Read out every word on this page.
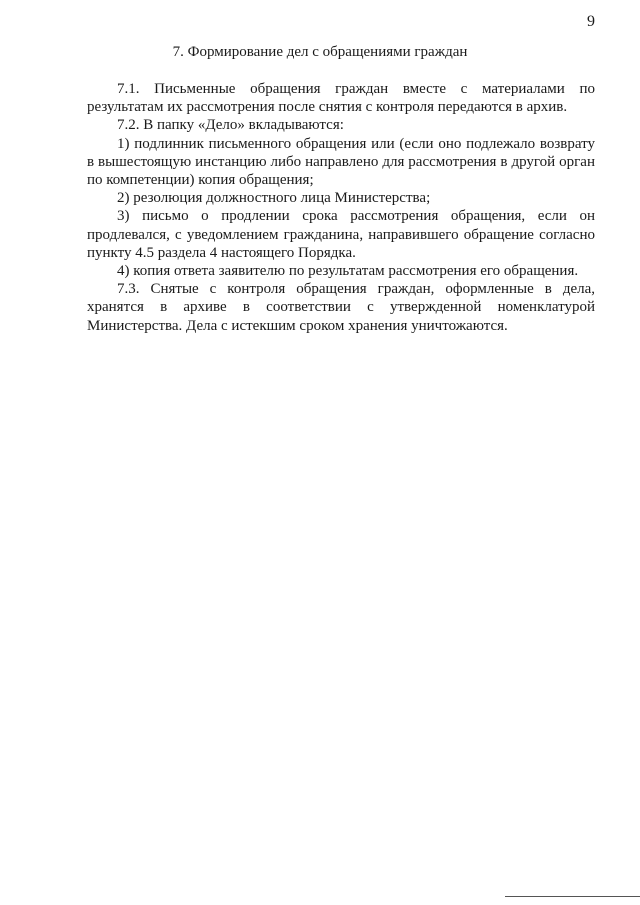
9
7. Формирование дел с обращениями граждан

7.1. Письменные обращения граждан вместе с материалами по результатам их рассмотрения после снятия с контроля передаются в архив.

7.2. В папку «Дело» вкладываются:

1) подлинник письменного обращения или (если оно подлежало возврату в вышестоящую инстанцию либо направлено для рассмотрения в другой орган по компетенции) копия обращения;

2) резолюция должностного лица Министерства;

3) письмо о продлении срока рассмотрения обращения, если он продлевался, с уведомлением гражданина, направившего обращение согласно пункту 4.5 раздела 4 настоящего Порядка.

4) копия ответа заявителю по результатам рассмотрения его обращения.

7.3. Снятые с контроля обращения граждан, оформленные в дела, хранятся в архиве в соответствии с утвержденной номенклатурой Министерства. Дела с истекшим сроком хранения уничтожаются.
